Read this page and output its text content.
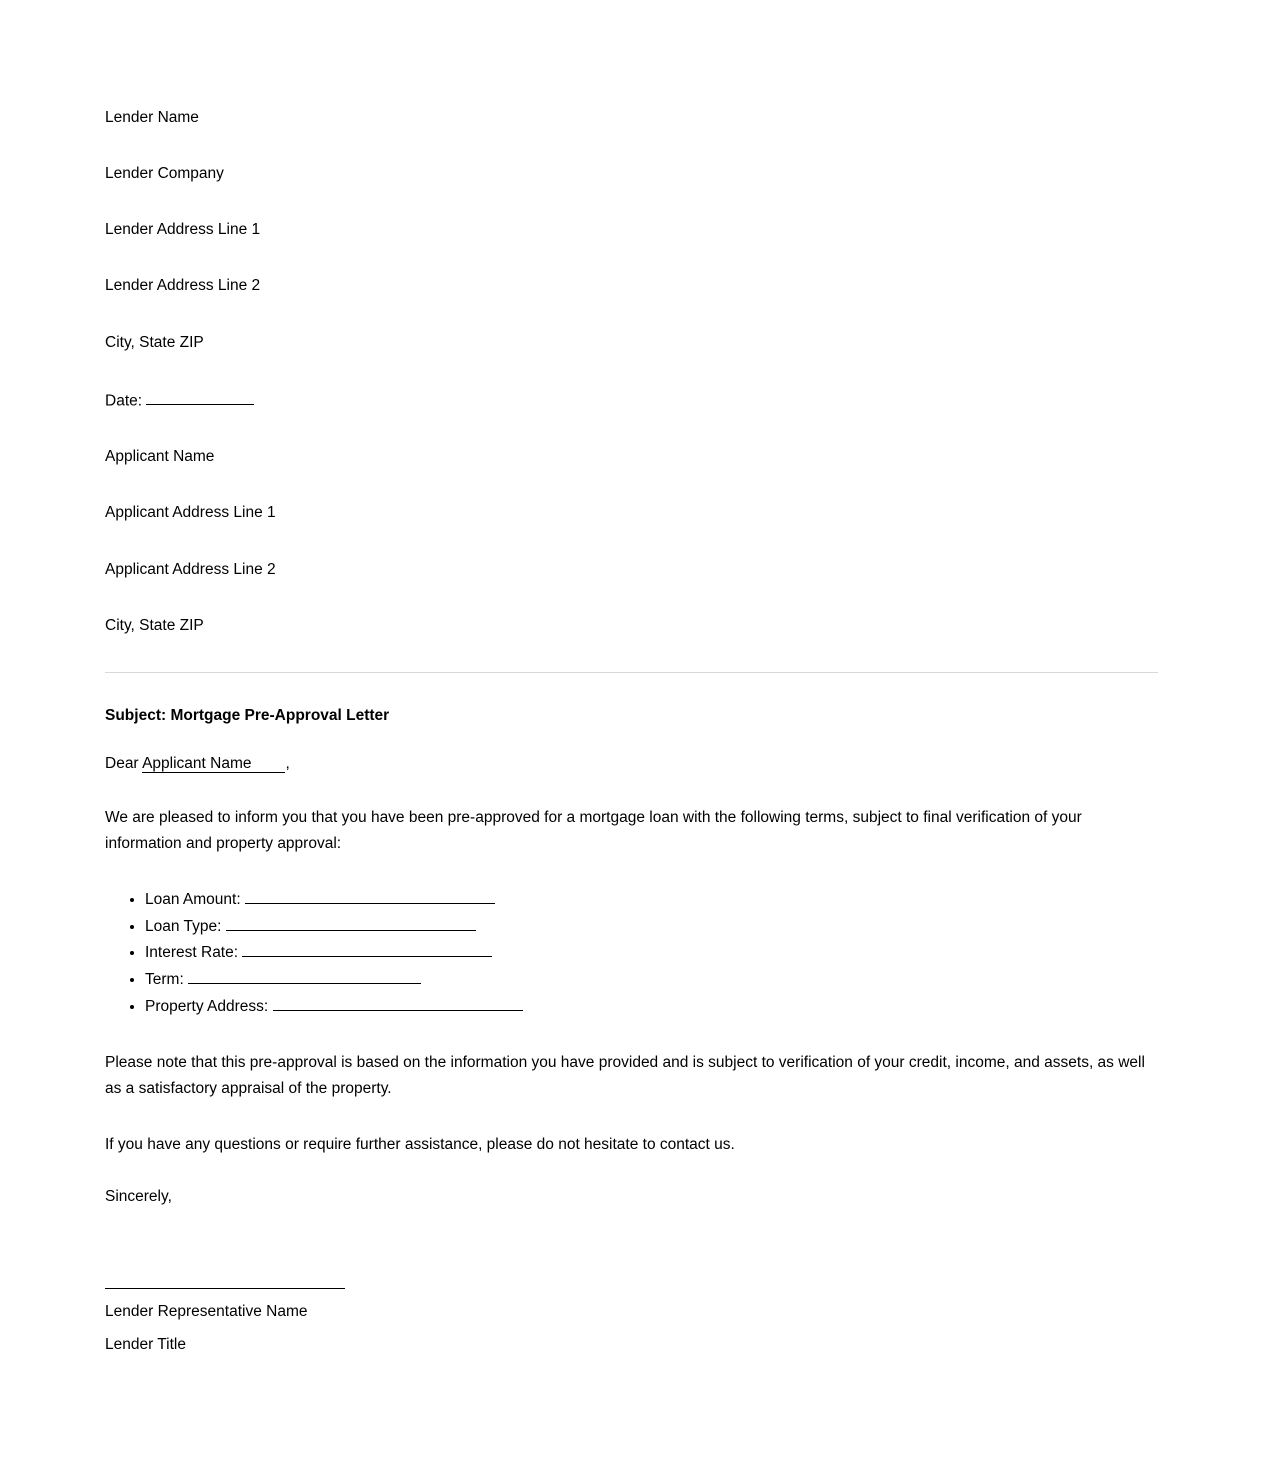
Lender Name

Lender Company

Lender Address Line 1

Lender Address Line 2

City, State ZIP

Date:

Applicant Name

Applicant Address Line 1

Applicant Address Line 2

City, State ZIP

Subject: Mortgage Pre-Approval Letter

Dear Applicant Name ,

We are pleased to inform you that you have been pre-approved for a mortgage loan with the following terms, subject to final verification of your information and property approval:

• Loan Amount:
• Loan Type:
• Interest Rate:
• Term:
• Property Address:

Please note that this pre-approval is based on the information you have provided and is subject to verification of your credit, income, and assets, as well as a satisfactory appraisal of the property.

If you have any questions or require further assistance, please do not hesitate to contact us.

Sincerely,

Lender Representative Name

Lender Title
